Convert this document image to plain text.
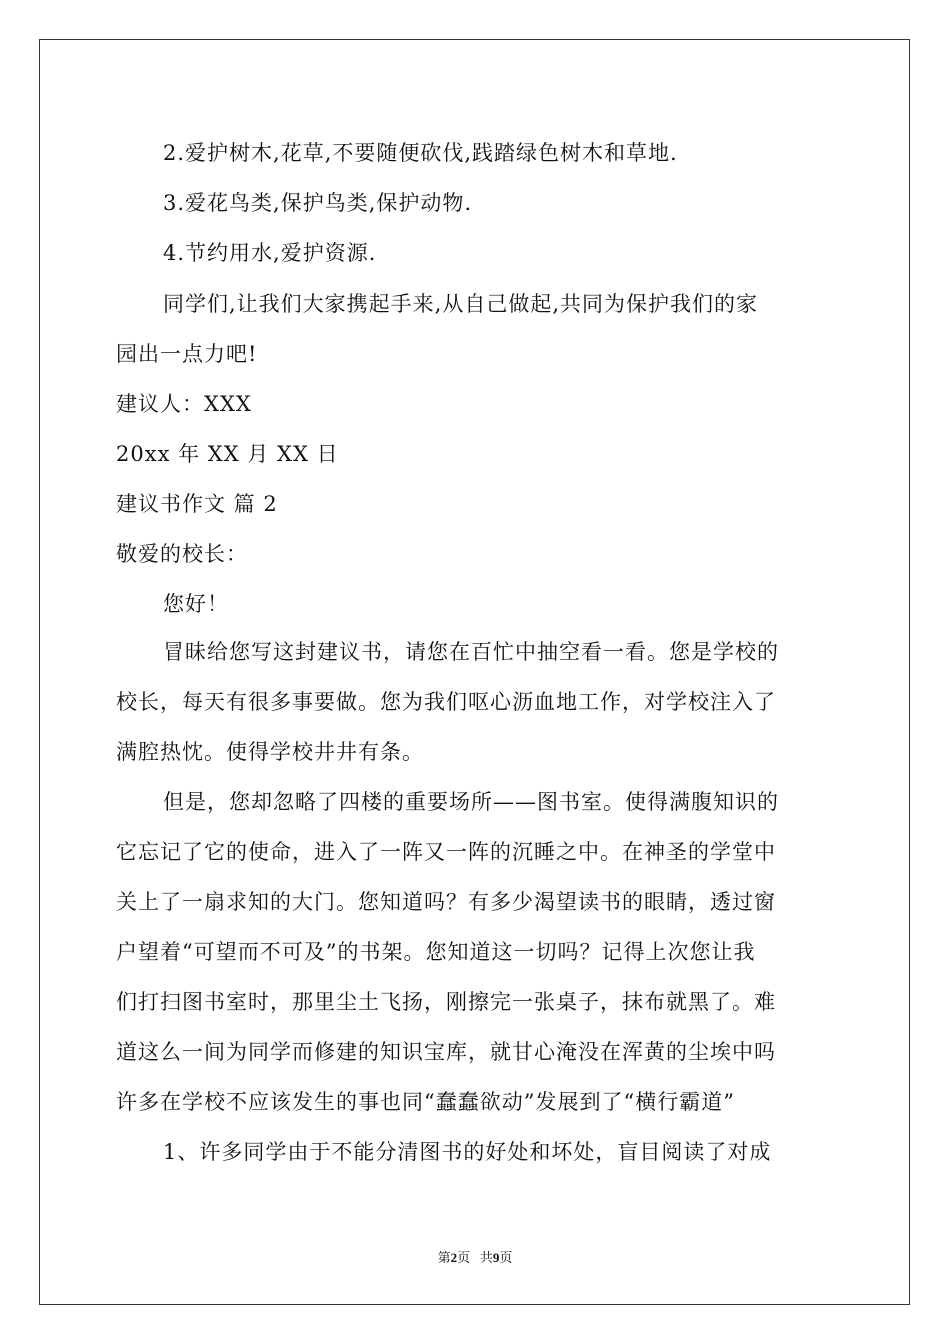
2.爱护树木,花草,不要随便砍伐,践踏绿色树木和草地.
3.爱花鸟类,保护鸟类,保护动物.
4.节约用水,爱护资源.
同学们,让我们大家携起手来,从自己做起,共同为保护我们的家
园出一点力吧!
建议人：XXX
20xx 年 XX 月 XX 日
建议书作文 篇 2
敬爱的校长：
您好！
冒昧给您写这封建议书，请您在百忙中抽空看一看。您是学校的
校长，每天有很多事要做。您为我们呕心沥血地工作，对学校注入了
满腔热忱。使得学校井井有条。
但是，您却忽略了四楼的重要场所——图书室。使得满腹知识的
它忘记了它的使命，进入了一阵又一阵的沉睡之中。在神圣的学堂中
关上了一扇求知的大门。您知道吗？有多少渴望读书的眼睛，透过窗
户望着“可望而不可及”的书架。您知道这一切吗？记得上次您让我
们打扫图书室时，那里尘土飞扬，刚擦完一张桌子，抹布就黑了。难
道这么一间为同学而修建的知识宝库，就甘心淹没在浑黄的尘埃中吗
许多在学校不应该发生的事也同“蠢蠢欲动”发展到了“横行霸道”
1、许多同学由于不能分清图书的好处和坏处，盲目阅读了对成
第2页   共9页
